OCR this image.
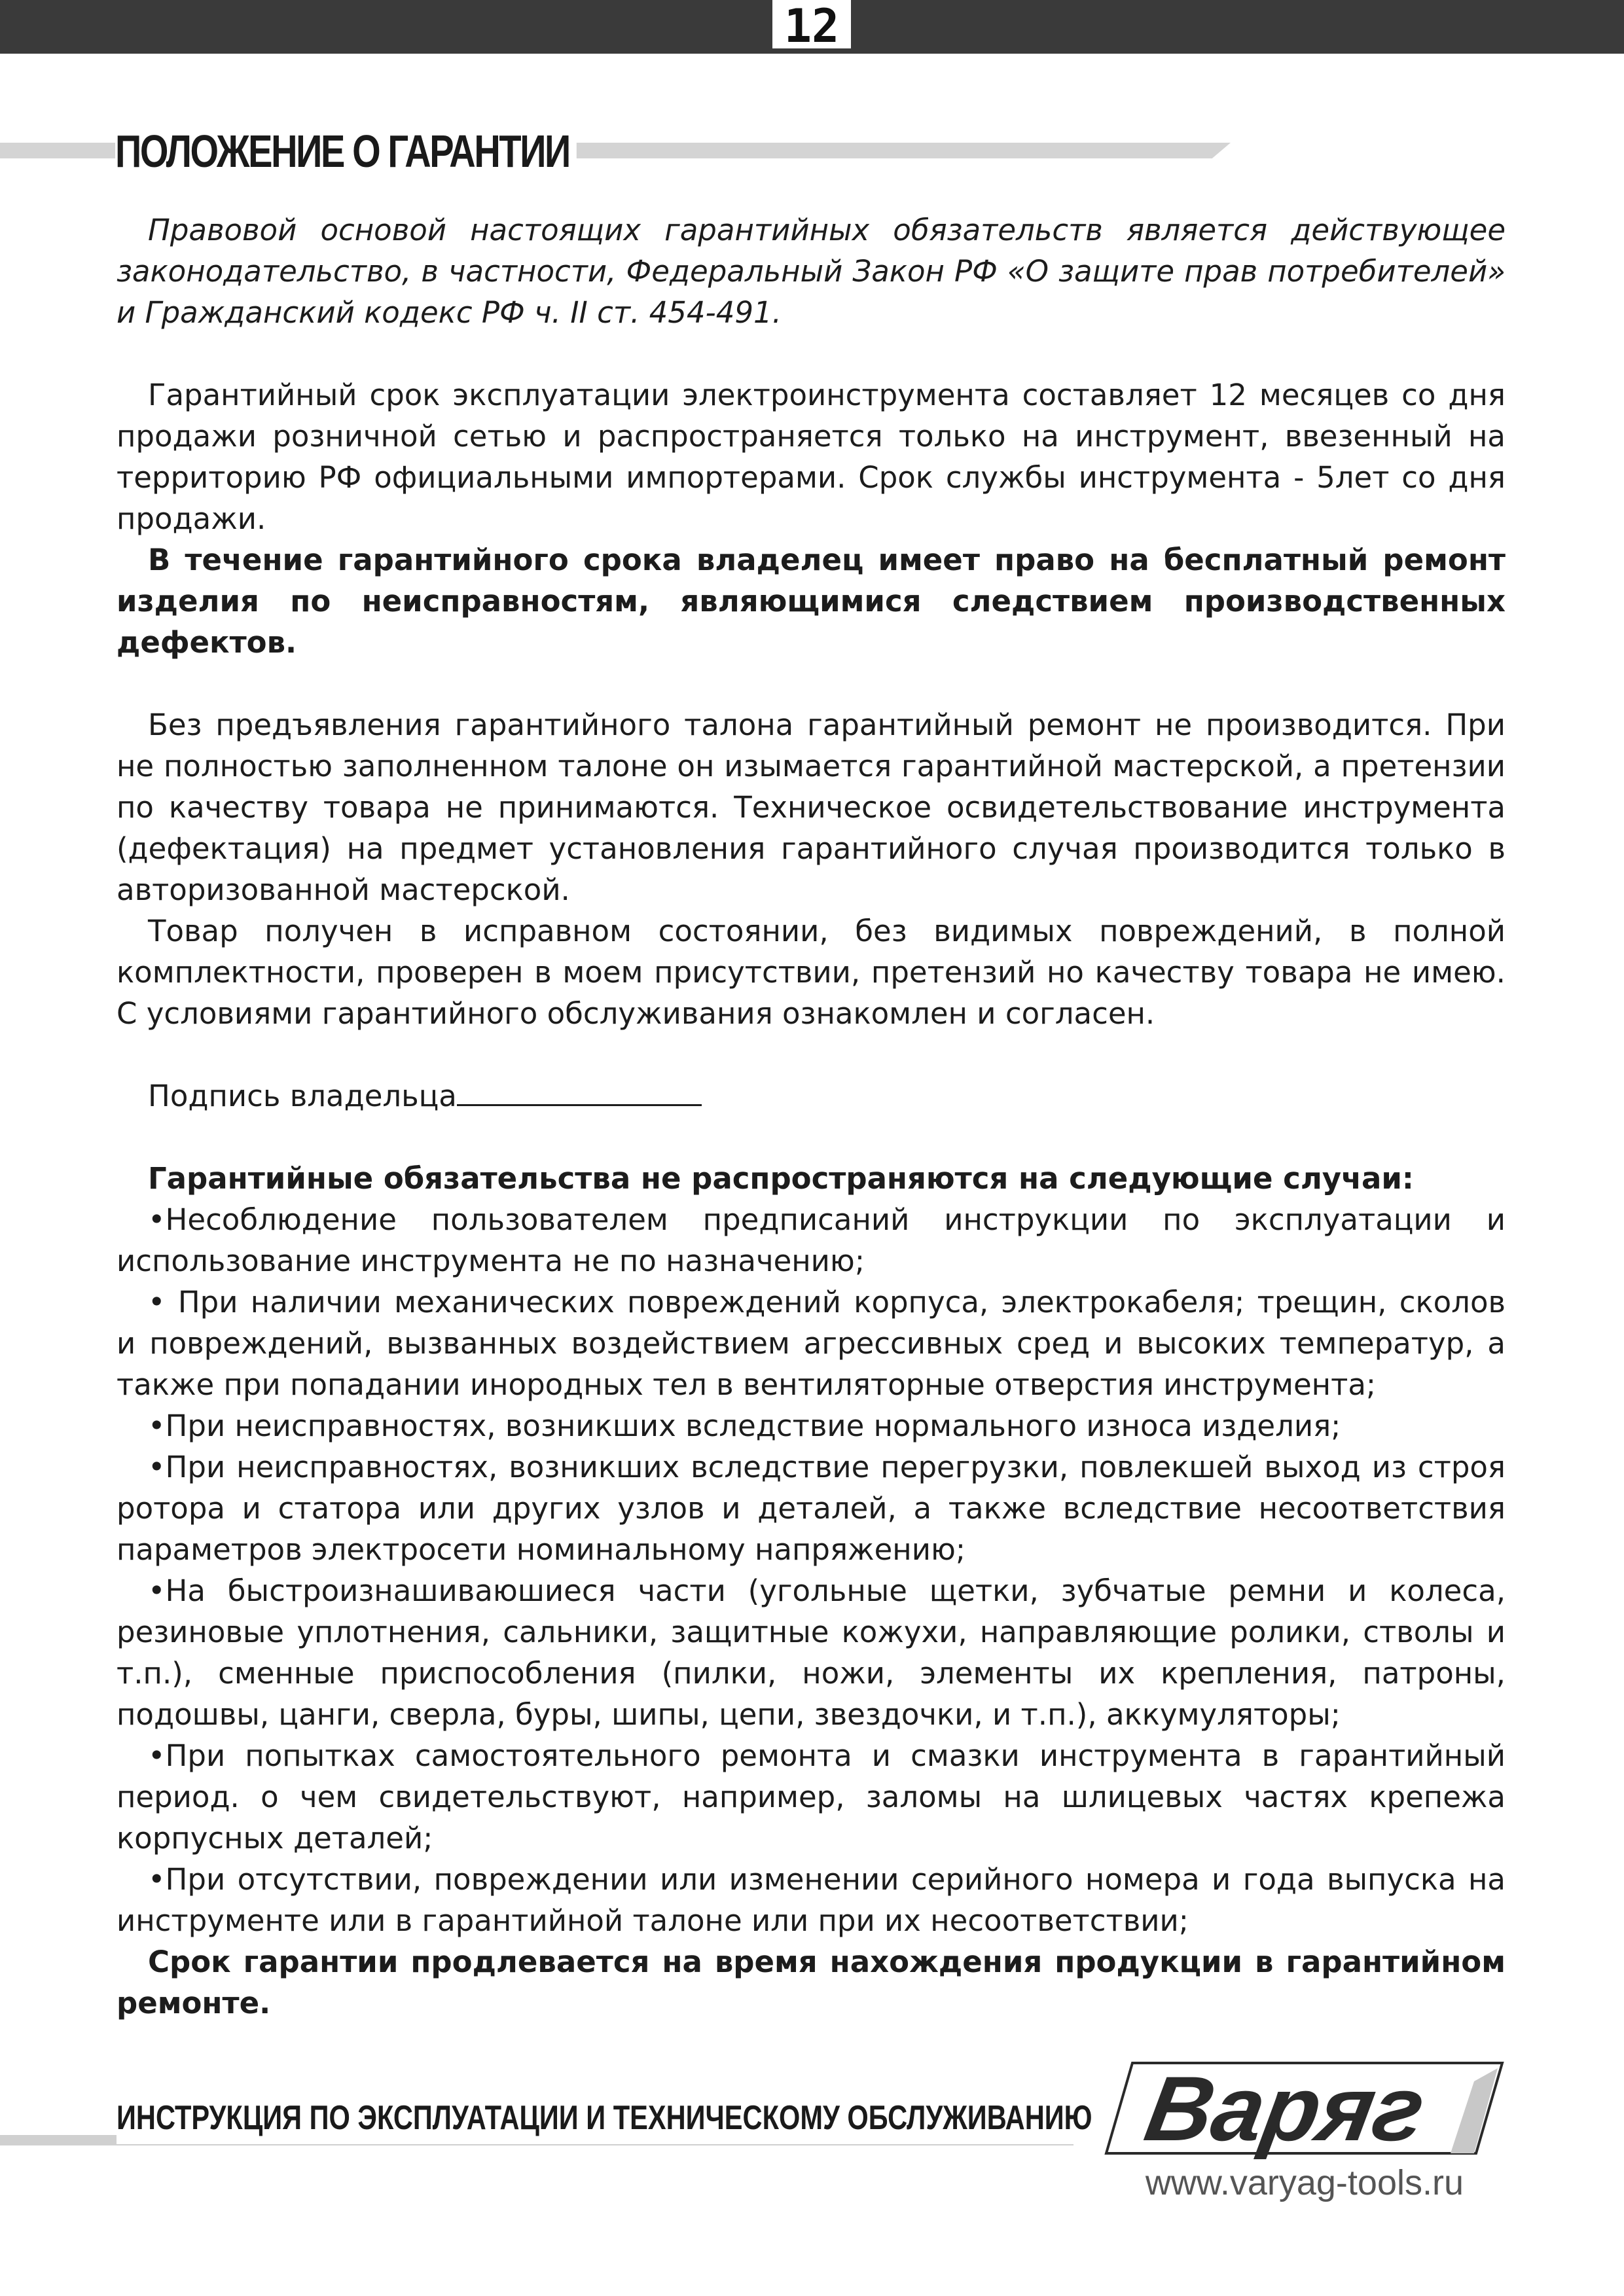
12
ПОЛОЖЕНИЕ О ГАРАНТИИ

Правовой основой настоящих гарантийных обязательств является действующее законодательство, в частности, Федеральный Закон РФ «О защите прав потребителей» и Гражданский кодекс РФ ч. II ст. 454-491.

Гарантийный срок эксплуатации электроинструмента составляет 12 месяцев со дня продажи розничной сетью и распространяется только на инструмент, ввезенный на территорию РФ официальными импортерами. Срок службы инструмента - 5лет со дня продажи.

В течение гарантийного срока владелец имеет право на бесплатный ремонт изделия по неисправностям, являющимися следствием производственных дефектов.

Без предъявления гарантийного талона гарантийный ремонт не производится. При не полностью заполненном талоне он изымается гарантийной мастерской, а претензии по качеству товара не принимаются. Техническое освидетельствование инструмента (дефектация) на предмет установления гарантийного случая производится только в авторизованной мастерской.

Товар получен в исправном состоянии, без видимых повреждений, в полной комплектности, проверен в моем присутствии, претензий но качеству товара не имею. С условиями гарантийного обслуживания ознакомлен и согласен.

Подпись владельца

Гарантийные обязательства не распространяются на следующие случаи:

•Несоблюдение пользователем предписаний инструкции по эксплуатации и использование инструмента не по назначению;

• При наличии механических повреждений корпуса, электрокабеля; трещин, сколов и повреждений, вызванных воздействием агрессивных сред и высоких температур, а также при попадании инородных тел в вентиляторные отверстия инструмента;

•При неисправностях, возникших вследствие нормального износа изделия;

•При неисправностях, возникших вследствие перегрузки, повлекшей выход из строя ротора и статора или других узлов и деталей, а также вследствие несоответствия параметров электросети номинальному напряжению;

•На быстроизнашиваюшиеся части (угольные щетки, зубчатые ремни и колеса, резиновые уплотнения, сальники, защитные кожухи, направляющие ролики, стволы и т.п.), сменные приспособления (пилки, ножи, элементы их крепления, патроны, подошвы, цанги, сверла, буры, шипы, цепи, звездочки, и т.п.), аккумуляторы;

•При попытках самостоятельного ремонта и смазки инструмента в гарантийный период. о чем свидетельствуют, например, заломы на шлицевых частях крепежа корпусных деталей;

•При отсутствии, повреждении или изменении серийного номера и года выпуска на инструменте или в гарантийной талоне или при их несоответствии;

Срок гарантии продлевается на время нахождения продукции в гарантийном ремонте.

ИНСТРУКЦИЯ ПО ЭКСПЛУАТАЦИИ И ТЕХНИЧЕСКОМУ ОБСЛУЖИВАНИЮ Варяг
www.varyag-tools.ru
